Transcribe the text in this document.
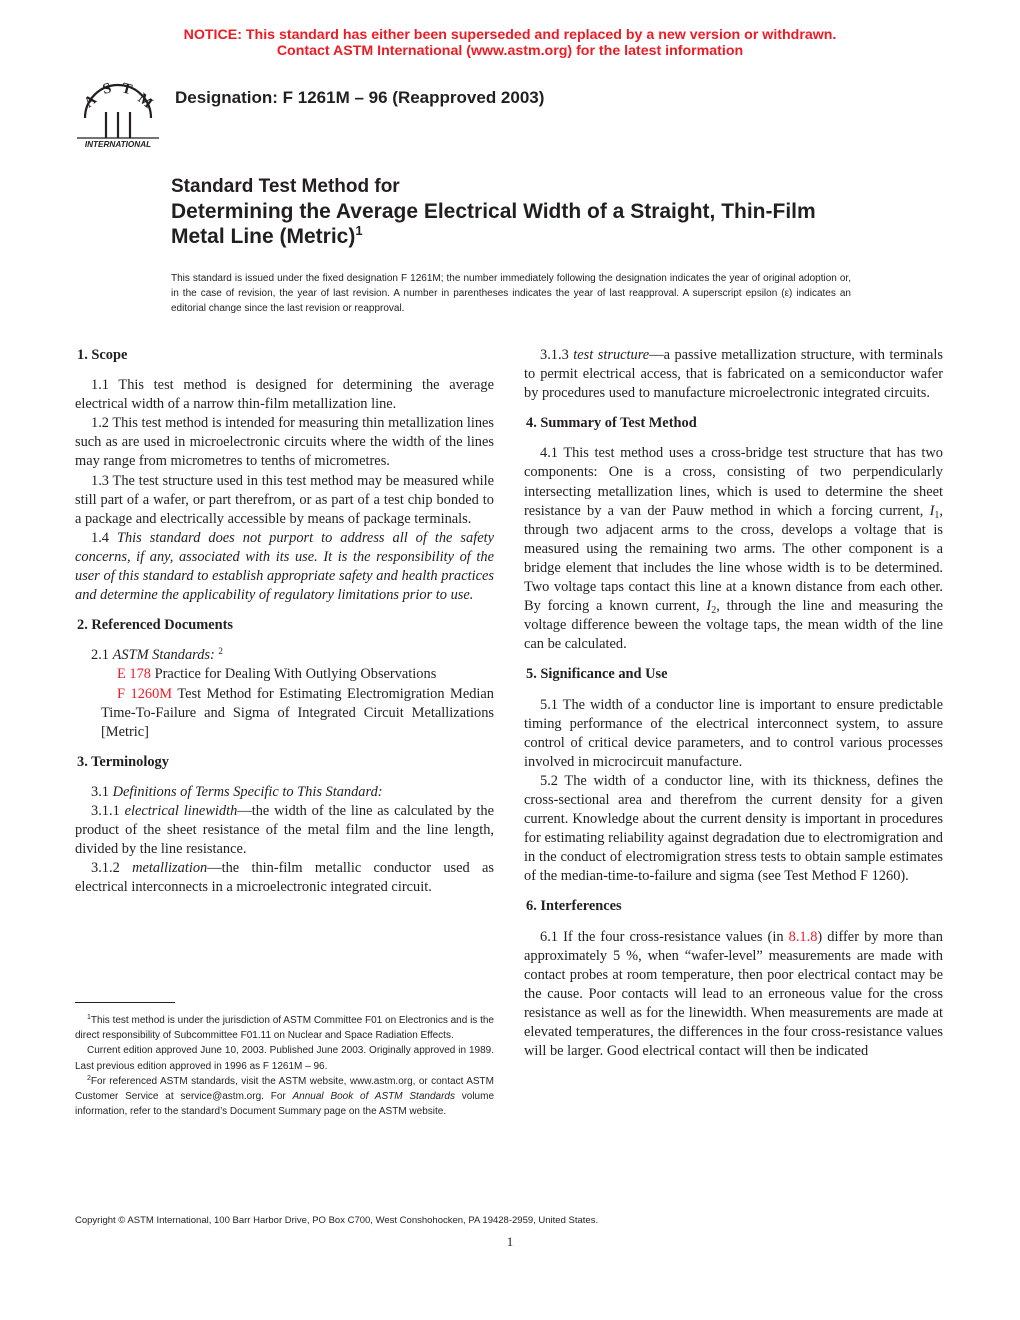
NOTICE: This standard has either been superseded and replaced by a new version or withdrawn.
Contact ASTM International (www.astm.org) for the latest information
A
S T
M
INTERNATIONAL
Designation: F 1261M – 96 (Reapproved 2003)
Standard Test Method for
Determining the Average Electrical Width of a Straight, Thin-Film Metal Line (Metric)$^1$
This standard is issued under the fixed designation F 1261M; the number immediately following the designation indicates the year of original adoption or, in the case of revision, the year of last revision. A number in parentheses indicates the year of last reapproval. A superscript epsilon (ε) indicates an editorial change since the last revision or reapproval.
1. Scope

1.1 This test method is designed for determining the average electrical width of a narrow thin-film metallization line.

1.2 This test method is intended for measuring thin metallization lines such as are used in microelectronic circuits where the width of the lines may range from micrometres to tenths of micrometres.

1.3 The test structure used in this test method may be measured while still part of a wafer, or part therefrom, or as part of a test chip bonded to a package and electrically accessible by means of package terminals.

1.4 This standard does not purport to address all of the safety concerns, if any, associated with its use. It is the responsibility of the user of this standard to establish appropriate safety and health practices and determine the applicability of regulatory limitations prior to use.

2. Referenced Documents

2.1 ASTM Standards: $^2$

E 178 Practice for Dealing With Outlying Observations

F 1260M Test Method for Estimating Electromigration Median Time-To-Failure and Sigma of Integrated Circuit Metallizations [Metric]

3. Terminology

3.1 Definitions of Terms Specific to This Standard:

3.1.1 electrical linewidth—the width of the line as calculated by the product of the sheet resistance of the metal film and the line length, divided by the line resistance.

3.1.2 metallization—the thin-film metallic conductor used as electrical interconnects in a microelectronic integrated circuit.

3.1.3 test structure—a passive metallization structure, with terminals to permit electrical access, that is fabricated on a semiconductor wafer by procedures used to manufacture microelectronic integrated circuits.

4. Summary of Test Method

4.1 This test method uses a cross-bridge test structure that has two components: One is a cross, consisting of two perpendicularly intersecting metallization lines, which is used to determine the sheet resistance by a van der Pauw method in which a forcing current, $I_1$, through two adjacent arms to the cross, develops a voltage that is measured using the remaining two arms. The other component is a bridge element that includes the line whose width is to be determined. Two voltage taps contact this line at a known distance from each other. By forcing a known current, $I_2$, through the line and measuring the voltage difference beween the voltage taps, the mean width of the line can be calculated.

5. Significance and Use

5.1 The width of a conductor line is important to ensure predictable timing performance of the electrical interconnect system, to assure control of critical device parameters, and to control various processes involved in microcircuit manufacture.

5.2 The width of a conductor line, with its thickness, defines the cross-sectional area and therefrom the current density for a given current. Knowledge about the current density is important in procedures for estimating reliability against degradation due to electromigration and in the conduct of electromigration stress tests to obtain sample estimates of the median-time-to-failure and sigma (see Test Method F 1260).

6. Interferences

6.1 If the four cross-resistance values (in 8.1.8) differ by more than approximately 5 %, when “wafer-level” measurements are made with contact probes at room temperature, then poor electrical contact may be the cause. Poor contacts will lead to an erroneous value for the cross resistance as well as for the linewidth. When measurements are made at elevated temperatures, the differences in the four cross-resistance values will be larger. Good electrical contact will then be indicated

$^1$This test method is under the jurisdiction of ASTM Committee F01 on Electronics and is the direct responsibility of Subcommittee F01.11 on Nuclear and Space Radiation Effects.

Current edition approved June 10, 2003. Published June 2003. Originally approved in 1989. Last previous edition approved in 1996 as F 1261M – 96.

$^2$For referenced ASTM standards, visit the ASTM website, www.astm.org, or contact ASTM Customer Service at service@astm.org. For Annual Book of ASTM Standards volume information, refer to the standard’s Document Summary page on the ASTM website.

Copyright © ASTM International, 100 Barr Harbor Drive, PO Box C700, West Conshohocken, PA 19428-2959, United States.
1
